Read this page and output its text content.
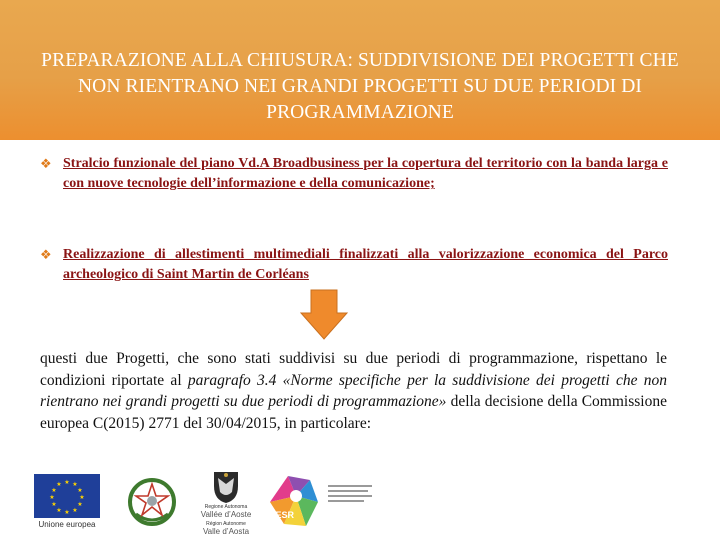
PREPARAZIONE ALLA CHIUSURA: SUDDIVISIONE DEI PROGETTI CHE NON RIENTRANO NEI GRANDI PROGETTI SU DUE PERIODI DI PROGRAMMAZIONE
❖ Stralcio funzionale del piano Vd.A Broadbusiness per la copertura del territorio con la banda larga e con nuove tecnologie dell’informazione e della comunicazione;
❖ Realizzazione di allestimenti multimediali finalizzati alla valorizzazione economica del Parco archeologico di Saint Martin de Corléans
questi due Progetti, che sono stati suddivisi su due periodi di programmazione, rispettano le condizioni riportate al paragrafo 3.4 «Norme specifiche per la suddivisione dei progetti che non rientrano nei grandi progetti su due periodi di programmazione» della decisione della Commissione europea C(2015) 2771 del 30/04/2015, in particolare:
★ ★
★
★
★
★
★
★
★
★
★
★
Unione europea
Regione Autonoma
Vallée d’Aoste
Région Autonome
Valle d’Aosta
FESR
